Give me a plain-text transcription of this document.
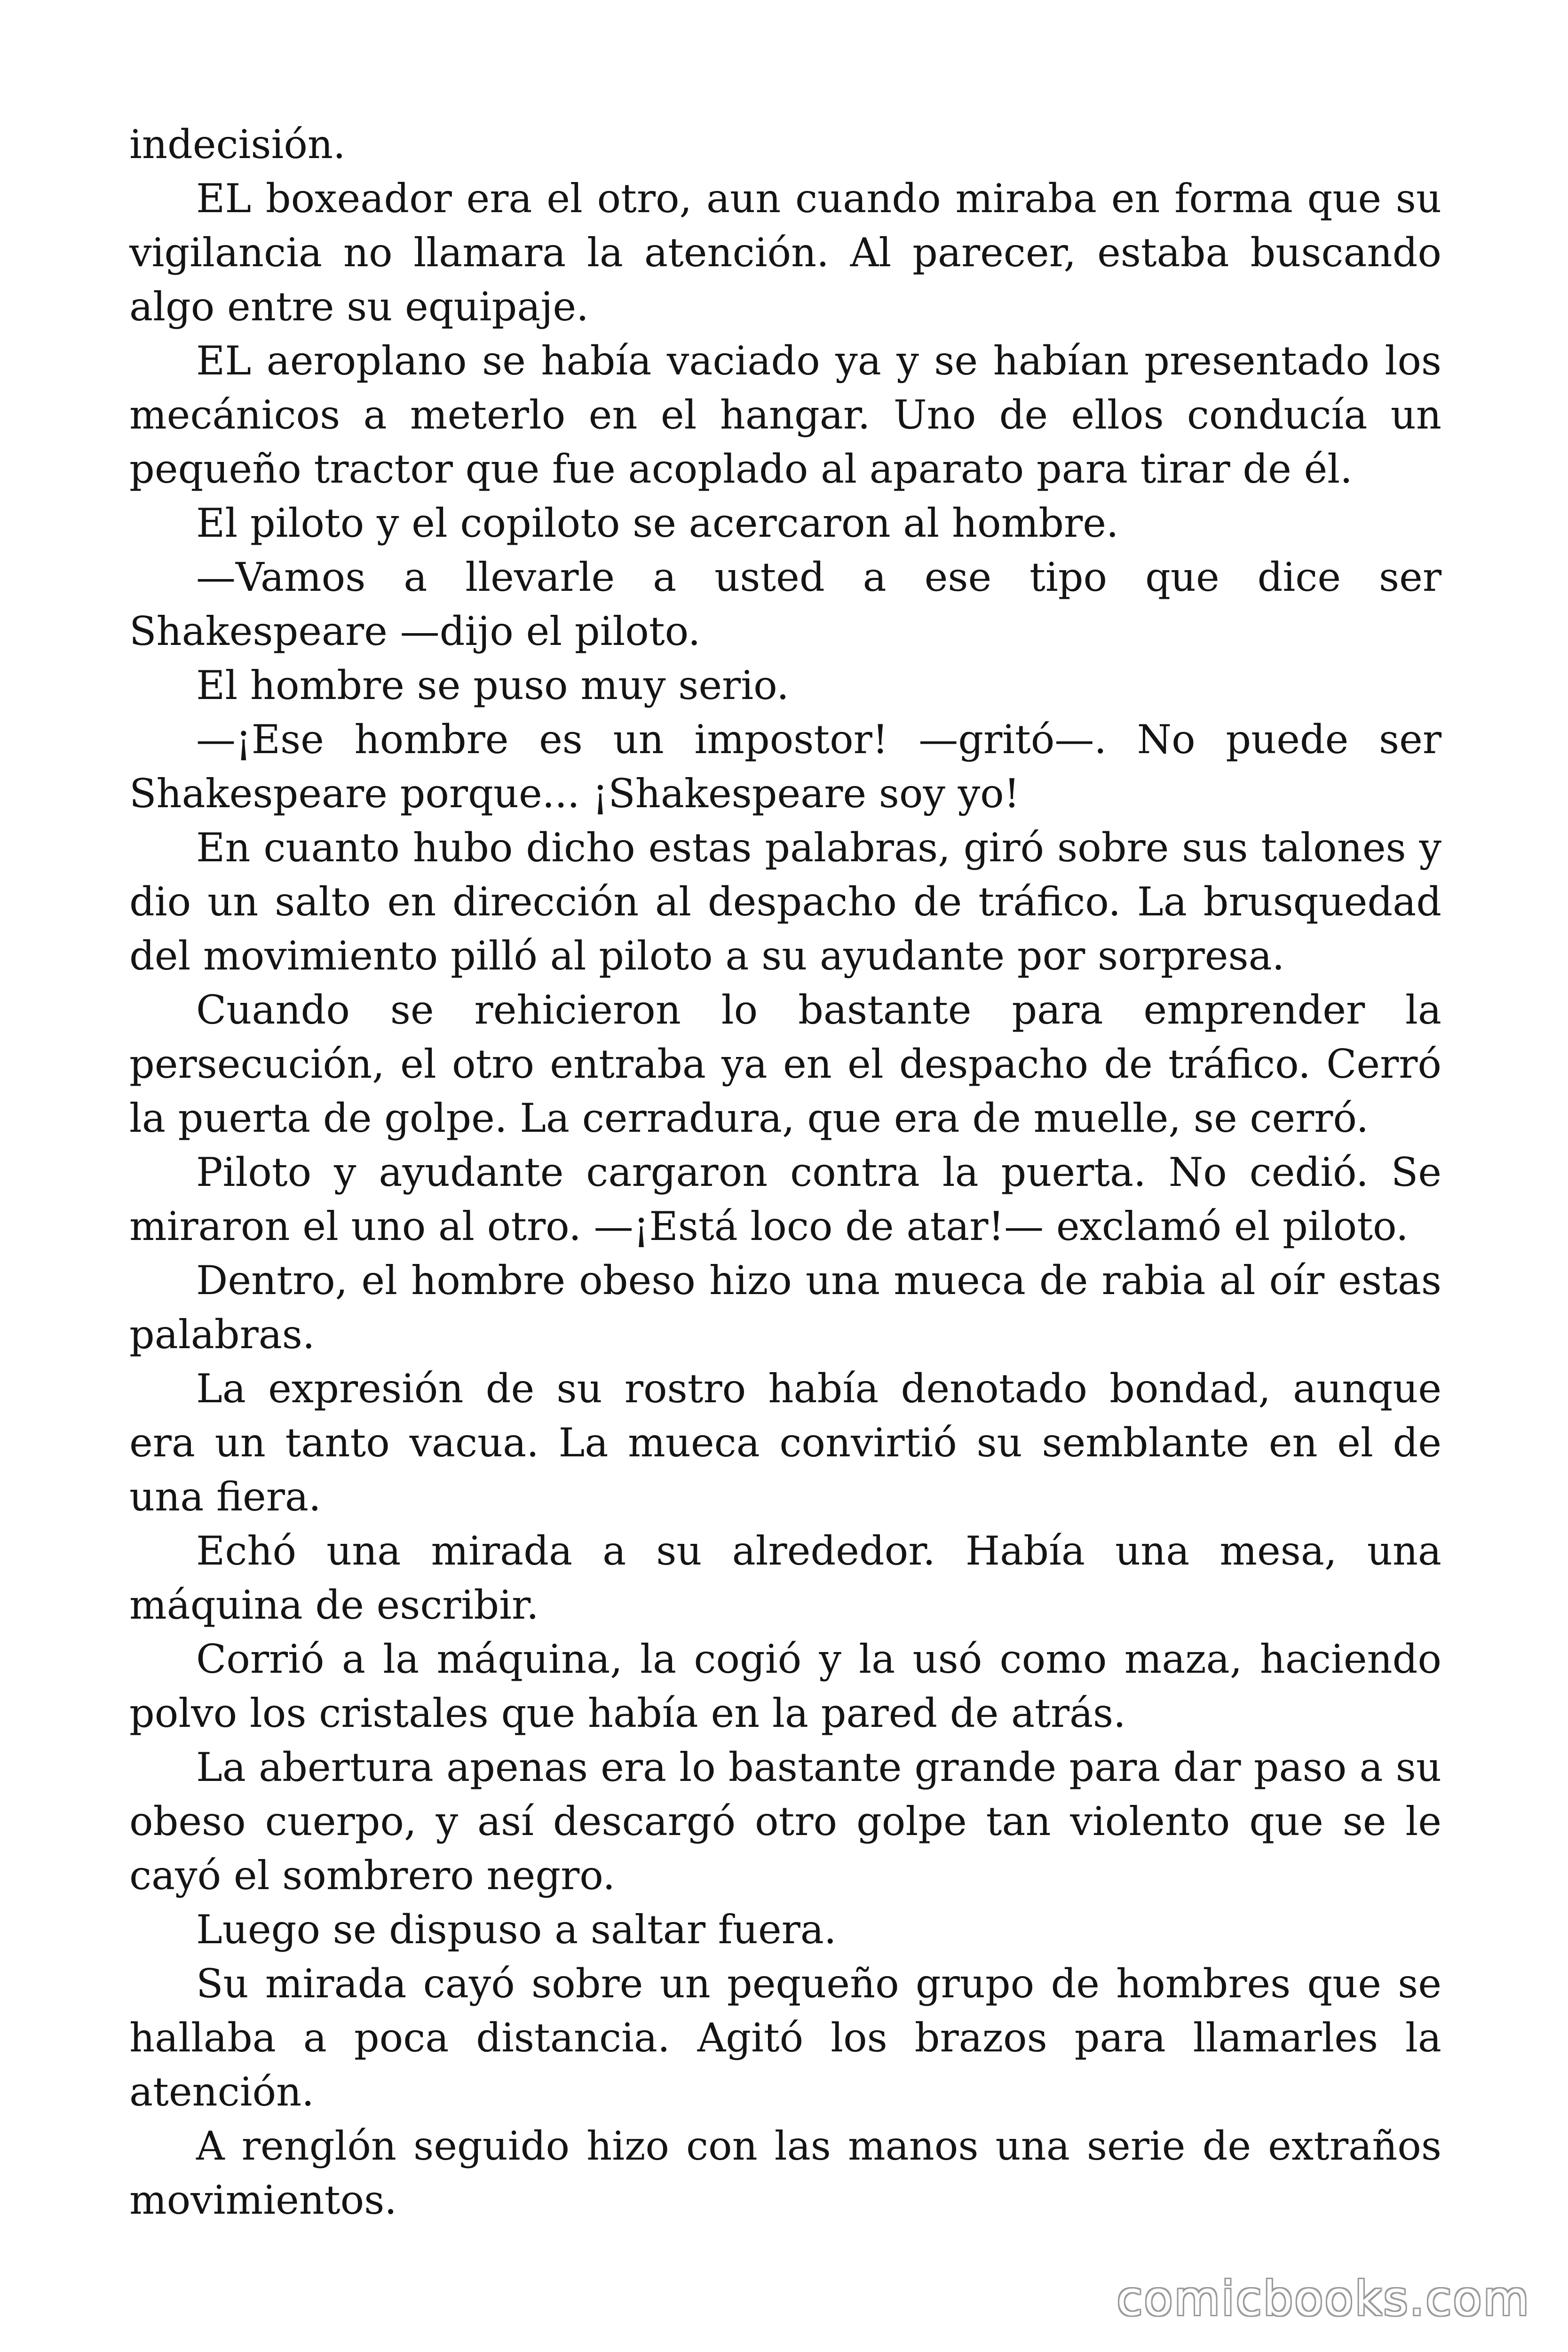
indecisión.

EL boxeador era el otro, aun cuando miraba en forma que su vigilancia no llamara la atención. Al parecer, estaba buscando algo entre su equipaje.

EL aeroplano se había vaciado ya y se habían presentado los mecánicos a meterlo en el hangar. Uno de ellos conducía un pequeño tractor que fue acoplado al aparato para tirar de él.

El piloto y el copiloto se acercaron al hombre.

—Vamos a llevarle a usted a ese tipo que dice ser Shakespeare —dijo el piloto.

El hombre se puso muy serio.

—¡Ese hombre es un impostor! —gritó—. No puede ser Shakespeare porque... ¡Shakespeare soy yo!

En cuanto hubo dicho estas palabras, giró sobre sus talones y dio un salto en dirección al despacho de tráfico. La brusquedad del movimiento pilló al piloto a su ayudante por sorpresa.

Cuando se rehicieron lo bastante para emprender la persecución, el otro entraba ya en el despacho de tráfico. Cerró la puerta de golpe. La cerradura, que era de muelle, se cerró.

Piloto y ayudante cargaron contra la puerta. No cedió. Se miraron el uno al otro. —¡Está loco de atar!— exclamó el piloto.

Dentro, el hombre obeso hizo una mueca de rabia al oír estas palabras.

La expresión de su rostro había denotado bondad, aunque era un tanto vacua. La mueca convirtió su semblante en el de una fiera.

Echó una mirada a su alrededor. Había una mesa, una máquina de escribir.

Corrió a la máquina, la cogió y la usó como maza, haciendo polvo los cristales que había en la pared de atrás.

La abertura apenas era lo bastante grande para dar paso a su obeso cuerpo, y así descargó otro golpe tan violento que se le cayó el sombrero negro.

Luego se dispuso a saltar fuera.

Su mirada cayó sobre un pequeño grupo de hombres que se hallaba a poca distancia. Agitó los brazos para llamarles la atención.

A renglón seguido hizo con las manos una serie de extraños movimientos.

comicbooks.com
